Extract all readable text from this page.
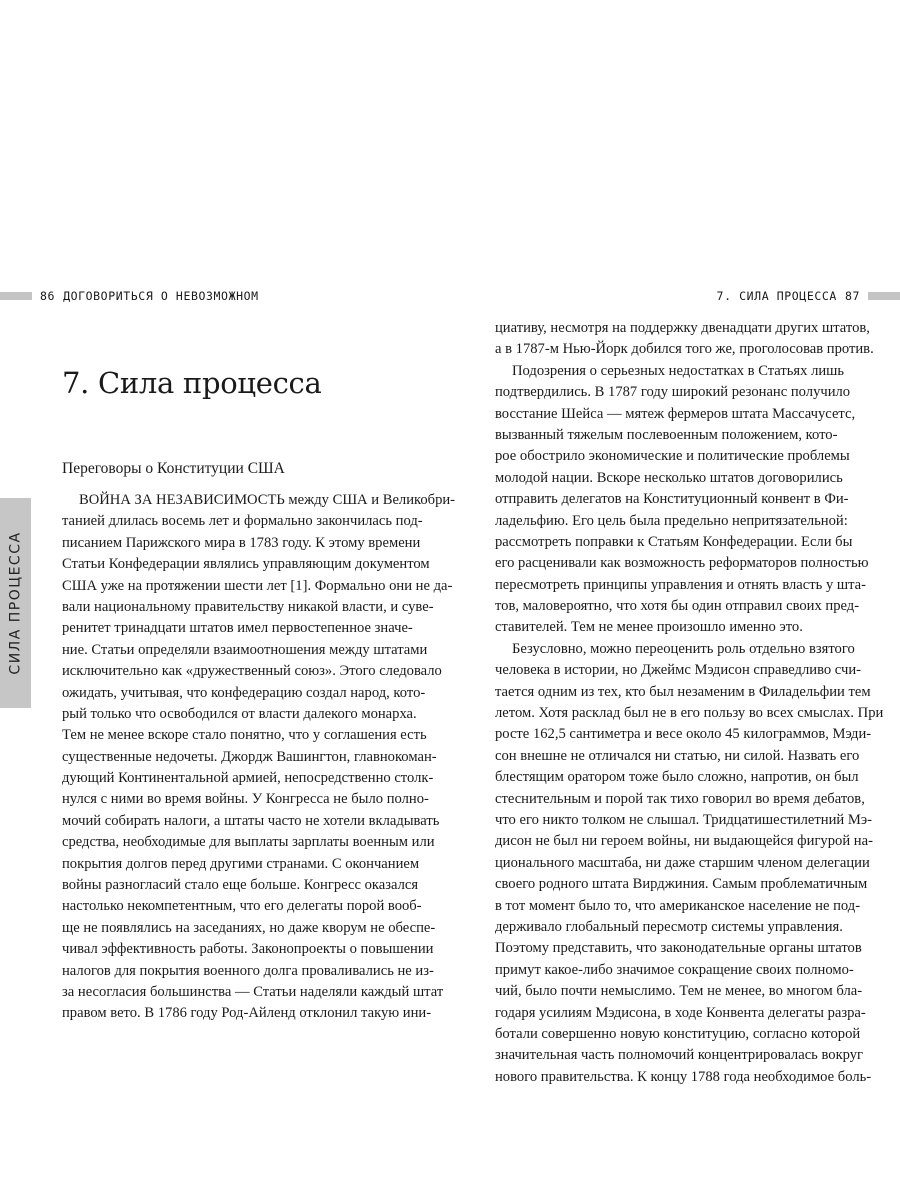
86 ДОГОВОРИТЬСЯ О НЕВОЗМОЖНОМ
СИЛА ПРОЦЕССА
7. Сила процесса
Переговоры о Конституции США
ВОЙНА ЗА НЕЗАВИСИМОСТЬ между США и Великобри-
танией длилась восемь лет и формально закончилась под-
писанием Парижского мира в 1783 году. К этому времени
Статьи Конфедерации являлись управляющим документом
США уже на протяжении шести лет [1]. Формально они не да-
вали национальному правительству никакой власти, и суве-
ренитет тринадцати штатов имел первостепенное значе-
ние. Статьи определяли взаимоотношения между штатами
исключительно как «дружественный союз». Этого следовало
ожидать, учитывая, что конфедерацию создал народ, кото-
рый только что освободился от власти далекого монарха.
Тем не менее вскоре стало понятно, что у соглашения есть
существенные недочеты. Джордж Вашингтон, главнокоман-
дующий Континентальной армией, непосредственно столк-
нулся с ними во время войны. У Конгресса не было полно-
мочий собирать налоги, а штаты часто не хотели вкладывать
средства, необходимые для выплаты зарплаты военным или
покрытия долгов перед другими странами. С окончанием
войны разногласий стало еще больше. Конгресс оказался
настолько некомпетентным, что его делегаты порой вооб-
ще не появлялись на заседаниях, но даже кворум не обеспе-
чивал эффективность работы. Законопроекты о повышении
налогов для покрытия военного долга проваливались не из-
за несогласия большинства — Статьи наделяли каждый штат
правом вето. В 1786 году Род-Айленд отклонил такую ини-
7. СИЛА ПРОЦЕССА 87
циативу, несмотря на поддержку двенадцати других штатов,
а в 1787-м Нью-Йорк добился того же, проголосовав против.
Подозрения о серьезных недостатках в Статьях лишь
подтвердились. В 1787 году широкий резонанс получило
восстание Шейса — мятеж фермеров штата Массачусетс,
вызванный тяжелым послевоенным положением, кото-
рое обострило экономические и политические проблемы
молодой нации. Вскоре несколько штатов договорились
отправить делегатов на Конституционный конвент в Фи-
ладельфию. Его цель была предельно непритязательной:
рассмотреть поправки к Статьям Конфедерации. Если бы
его расценивали как возможность реформаторов полностью
пересмотреть принципы управления и отнять власть у шта-
тов, маловероятно, что хотя бы один отправил своих пред-
ставителей. Тем не менее произошло именно это.
Безусловно, можно переоценить роль отдельно взятого
человека в истории, но Джеймс Мэдисон справедливо счи-
тается одним из тех, кто был незаменим в Филадельфии тем
летом. Хотя расклад был не в его пользу во всех смыслах. При
росте 162,5 сантиметра и весе около 45 килограммов, Мэди-
сон внешне не отличался ни статью, ни силой. Назвать его
блестящим оратором тоже было сложно, напротив, он был
стеснительным и порой так тихо говорил во время дебатов,
что его никто толком не слышал. Тридцатишестилетний Мэ-
дисон не был ни героем войны, ни выдающейся фигурой на-
ционального масштаба, ни даже старшим членом делегации
своего родного штата Вирджиния. Самым проблематичным
в тот момент было то, что американское население не под-
держивало глобальный пересмотр системы управления.
Поэтому представить, что законодательные органы штатов
примут какое-либо значимое сокращение своих полномо-
чий, было почти немыслимо. Тем не менее, во многом бла-
годаря усилиям Мэдисона, в ходе Конвента делегаты разра-
ботали совершенно новую конституцию, согласно которой
значительная часть полномочий концентрировалась вокруг
нового правительства. К концу 1788 года необходимое боль-
